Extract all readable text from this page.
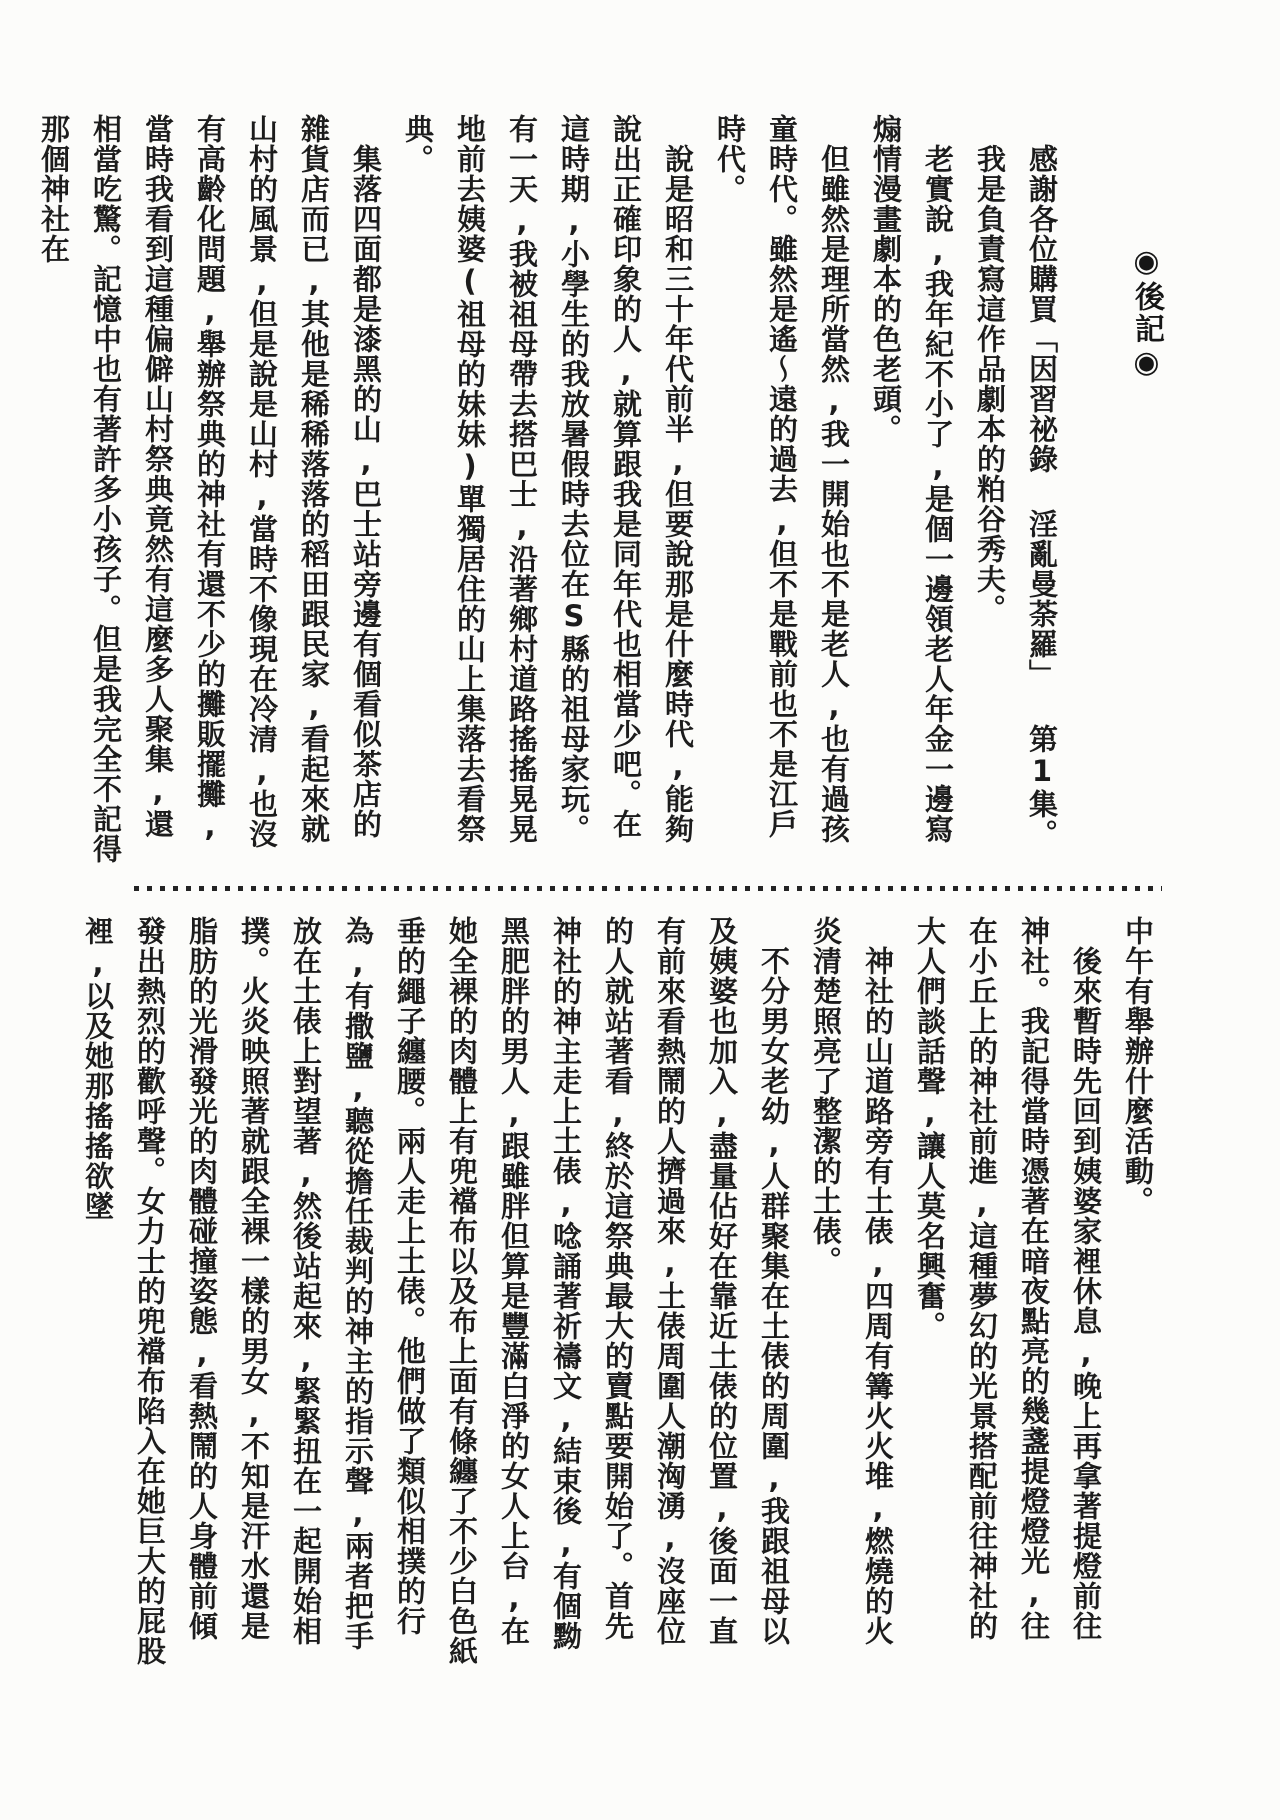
◉後記◉

感謝各位購買「因習祕錄 淫亂曼荼羅」 第1集。

我是負責寫這作品劇本的粕谷秀夫。

老實說,我年紀不小了,是個一邊領老人年金一邊寫煽情漫畫劇本的色老頭。

但雖然是理所當然,我一開始也不是老人,也有過孩童時代。雖然是遙〜遠的過去,但不是戰前也不是江戶時代。

說是昭和三十年代前半,但要說那是什麼時代,能夠說出正確印象的人,就算跟我是同年代也相當少吧。在這時期,小學生的我放暑假時去位在S縣的祖母家玩。有一天,我被祖母帶去搭巴士,沿著鄉村道路搖搖晃晃地前去姨婆(祖母的妹妹)單獨居住的山上集落去看祭典。

集落四面都是漆黑的山,巴士站旁邊有個看似茶店的雜貨店而已,其他是稀稀落落的稻田跟民家,看起來就山村的風景,但是說是山村,當時不像現在冷清,也沒有高齡化問題,舉辦祭典的神社有還不少的攤販擺攤,當時我看到這種偏僻山村祭典竟然有這麼多人聚集,還相當吃驚。記憶中也有著許多小孩子。但是我完全不記得那個神社在

中午有舉辦什麼活動。

後來暫時先回到姨婆家裡休息,晚上再拿著提燈前往神社。我記得當時憑著在暗夜點亮的幾盞提燈燈光,往在小丘上的神社前進,這種夢幻的光景搭配前往神社的大人們談話聲,讓人莫名興奮。

神社的山道路旁有土俵,四周有篝火火堆,燃燒的火炎清楚照亮了整潔的土俵。

不分男女老幼,人群聚集在土俵的周圍,我跟祖母以及姨婆也加入,盡量佔好在靠近土俵的位置,後面一直有前來看熱鬧的人擠過來,土俵周圍人潮洶湧,沒座位的人就站著看,終於這祭典最大的賣點要開始了。首先神社的神主走上土俵,唸誦著祈禱文,結束後,有個黝黑肥胖的男人,跟雖胖但算是豐滿白淨的女人上台,在她全裸的肉體上有兜襠布以及布上面有條纏了不少白色紙垂的繩子纏腰。兩人走上土俵。他們做了類似相撲的行為,有撒鹽,聽從擔任裁判的神主的指示聲,兩者把手放在土俵上對望著,然後站起來,緊緊扭在一起開始相撲。火炎映照著就跟全裸一樣的男女,不知是汗水還是脂肪的光滑發光的肉體碰撞姿態,看熱鬧的人身體前傾發出熱烈的歡呼聲。女力士的兜襠布陷入在她巨大的屁股裡,以及她那搖搖欲墜
